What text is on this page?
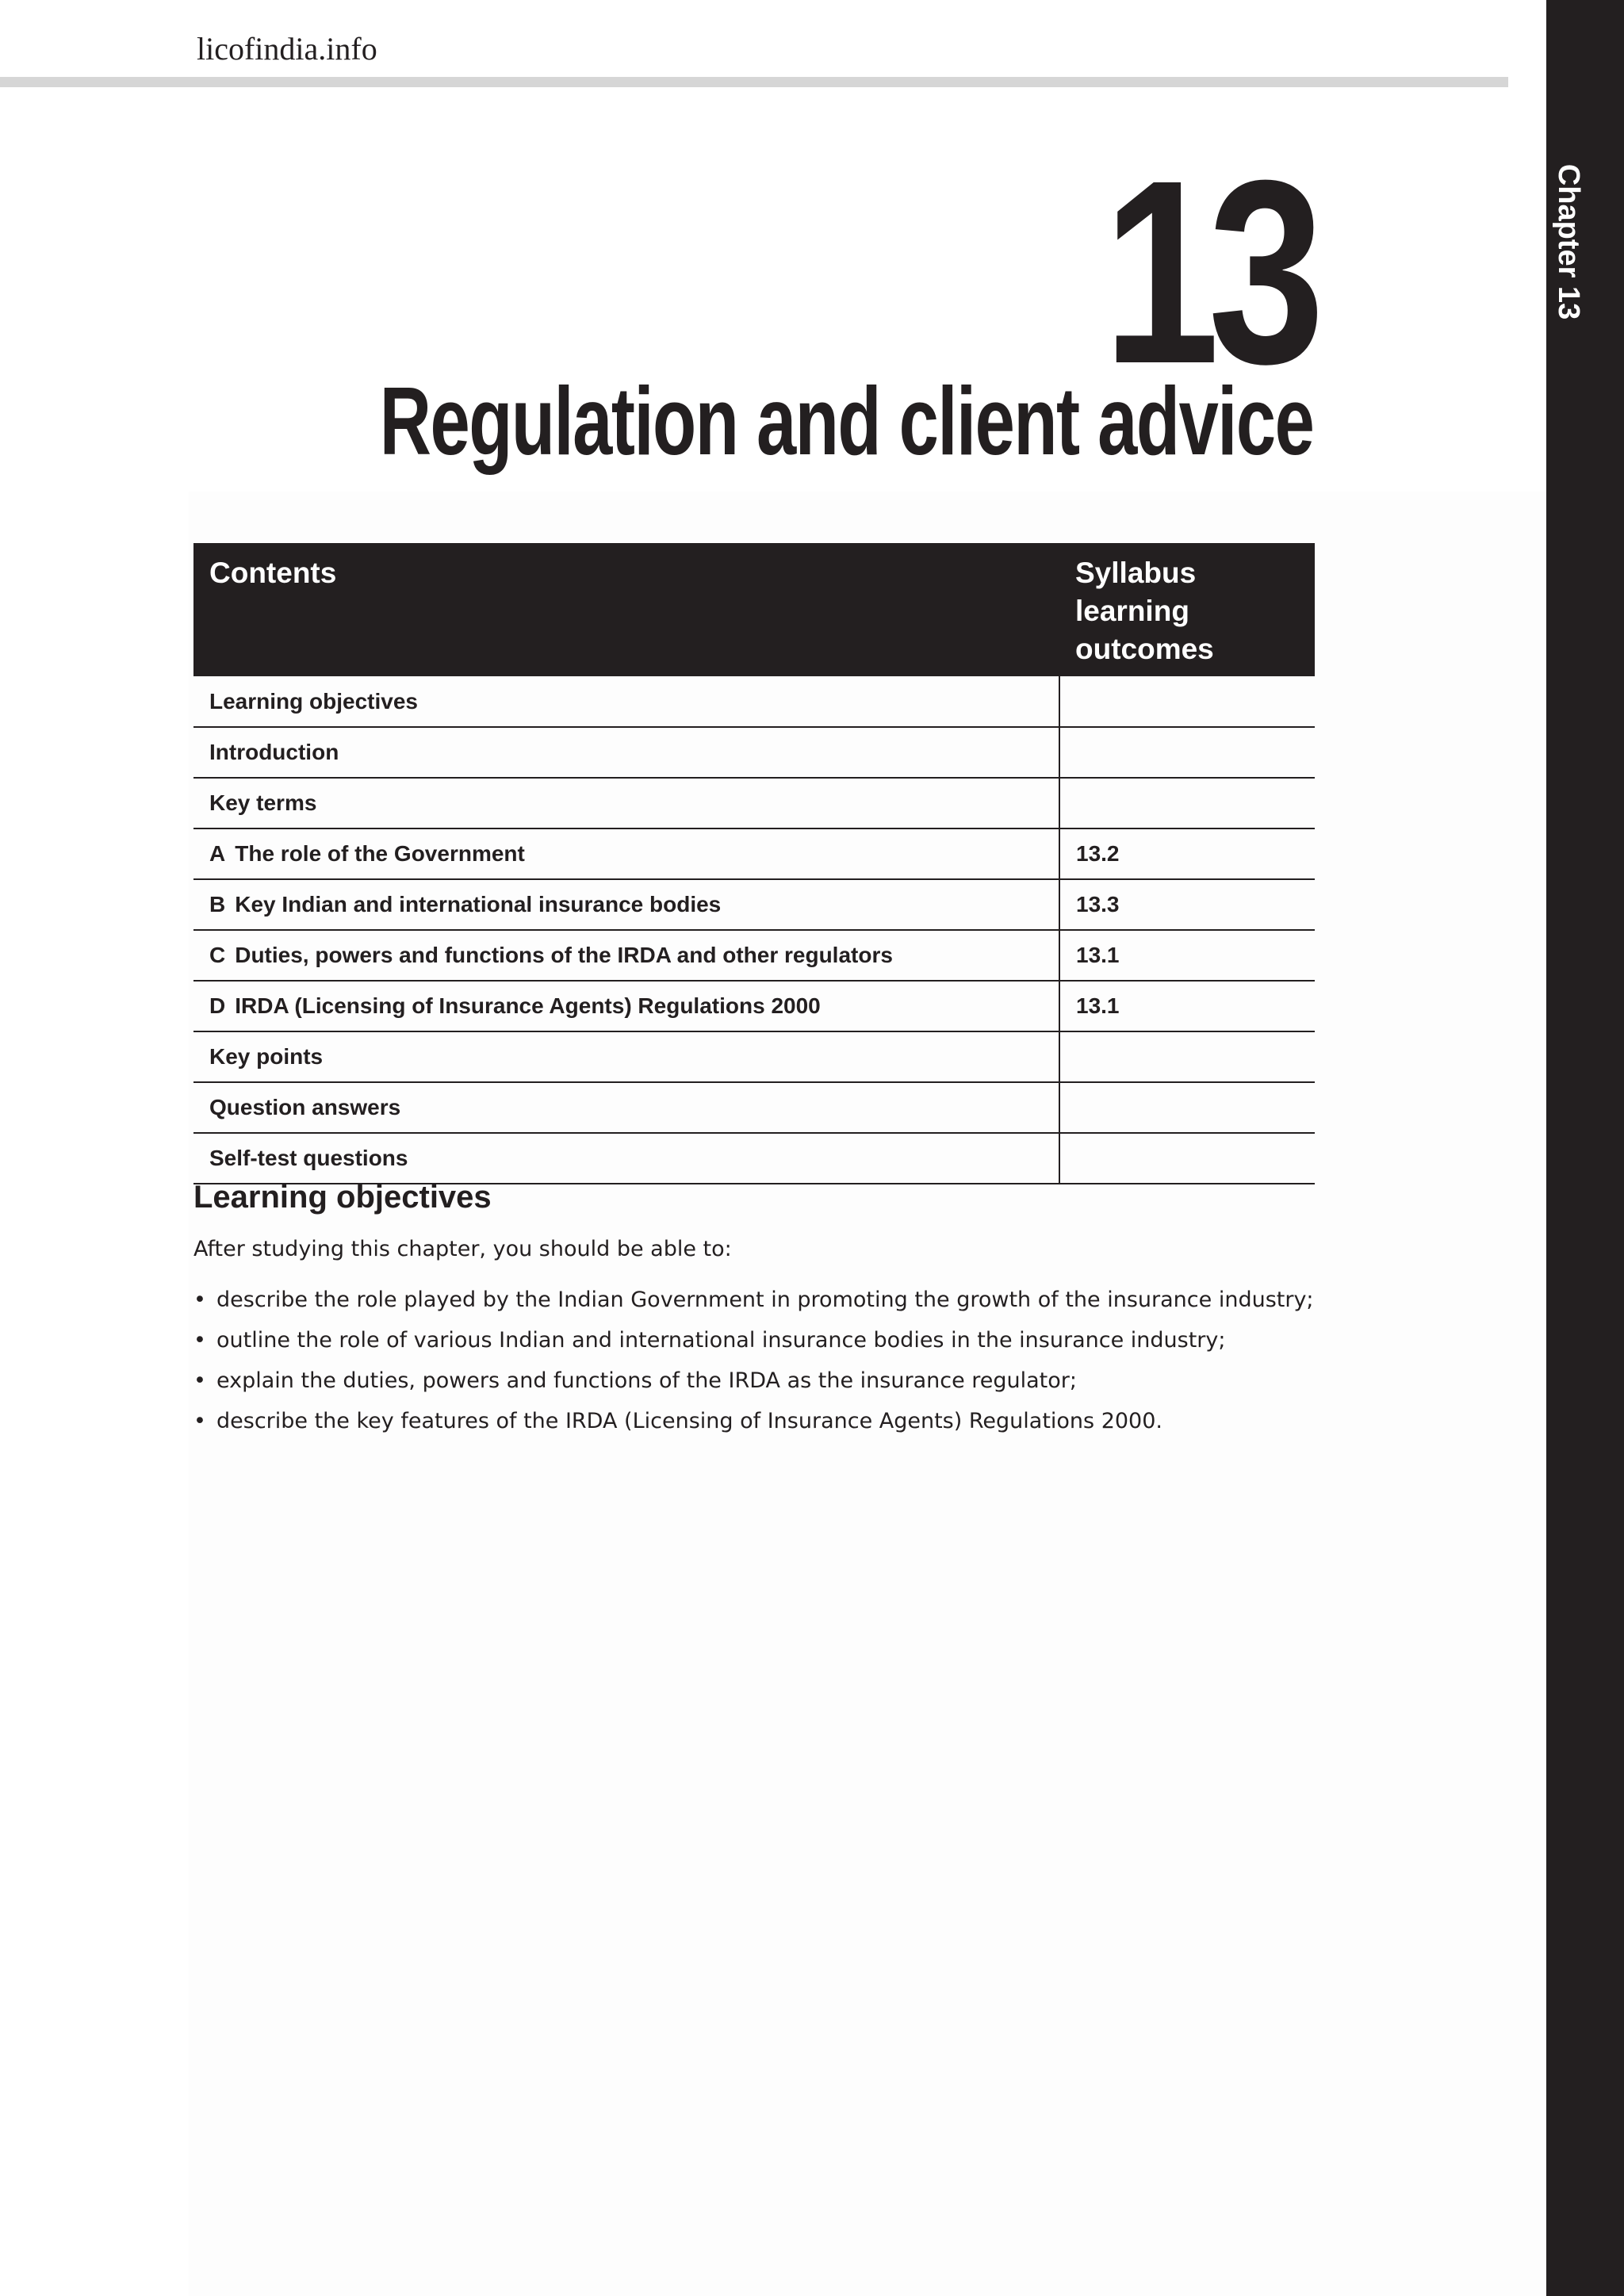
licofindia.info
Chapter 13
13
Regulation and client advice
Contents	Syllabus learning outcomes
Learning objectives	
Introduction	
Key terms	
A The role of the Government	13.2
B Key Indian and international insurance bodies	13.3
C Duties, powers and functions of the IRDA and other regulators	13.1
D IRDA (Licensing of Insurance Agents) Regulations 2000	13.1
Key points	
Question answers	
Self-test questions	
Learning objectives
After studying this chapter, you should be able to:
• describe the role played by the Indian Government in promoting the growth of the insurance industry;
• outline the role of various Indian and international insurance bodies in the insurance industry;
• explain the duties, powers and functions of the IRDA as the insurance regulator;
• describe the key features of the IRDA (Licensing of Insurance Agents) Regulations 2000.
